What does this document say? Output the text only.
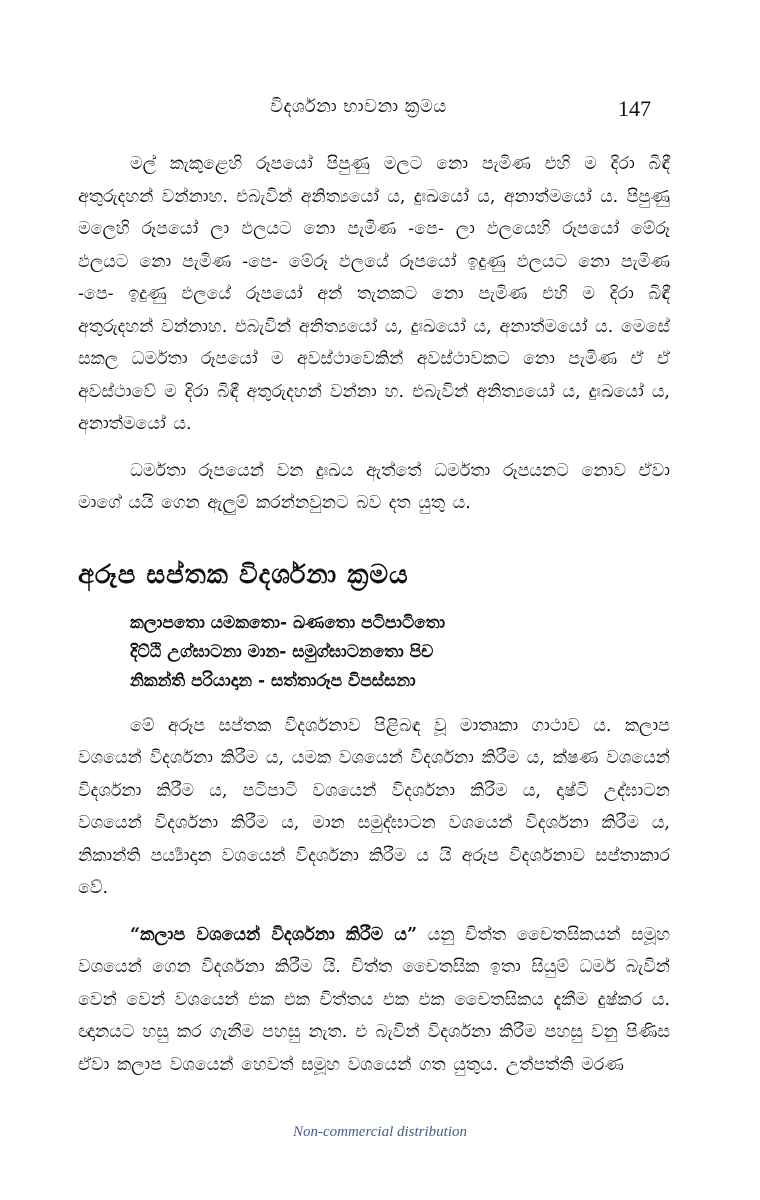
විදර්ශනා භාවනා ක්‍රමය	147

මල් කැකුළෙහි රූපයෝ පිපුණු මලට නො පැමිණ එහි ම දිරා බිඳී අතුරුදහන් වන්නාහ. එබැවින් අනිත්‍යයෝ ය, දුඃඛයෝ ය, අනාත්මයෝ ය. පිපුණු මලෙහි රූපයෝ ලා ඵලයට නො පැමිණ -පෙ- ලා ඵලයෙහි රූපයෝ මේරූ ඵලයට නො පැමිණ -පෙ- මේරූ ඵලයේ රූපයෝ ඉදුණු ඵලයට නො පැමිණ -පෙ- ඉදුණු ඵලයේ රූපයෝ අන් තැනකට නො පැමිණ එහි ම දිරා බිඳී අතුරුදහන් වන්නාහ. එබැවින් අනිත්‍යයෝ ය, දුඃඛයෝ ය, අනාත්මයෝ ය. මෙසේ සකල ධර්මතා රූපයෝ ම අවස්ථාවෙකින් අවස්ථාවකට නො පැමිණ ඒ ඒ අවස්ථාවේ ම දිරා බිඳී අතුරුදහන් වන්නා හ. එබැවින් අනිත්‍යයෝ ය, දුඃඛයෝ ය, අනාත්මයෝ ය.

ධර්මතා රූපයෙන් වන දුඃඛය ඇත්තේ ධර්මතා රූපයනට නොව ඒවා මාගේ යයි ගෙන ඇලුම් කරන්නවුනට බව දත යුතු ය.

අරූප සප්තක විදර්ශනා ක්‍රමය
කලාපතො යමකතො- ඛණතො පටිපාටිතො
දිට්ඨි උග්ඝාටනා මාන- සමුග්ඝාටනතො පිච
නිකන්ති පරියාදාන - සත්තාරූප විපස්සනා

මේ අරූප සප්තක විදර්ශනාව පිළිබඳ වූ මාතෘකා ගාථාව ය. කලාප වශයෙන් විදර්ශනා කිරීම ය, යමක වශයෙන් විදර්ශනා කිරීම ය, ක්ෂණ වශයෙන් විදර්ශනා කිරීම ය, පටිපාටි වශයෙන් විදර්ශනා කිරීම ය, දෘෂ්ටි උද්ඝාටන වශයෙන් විදර්ශනා කිරීම ය, මාන සමුද්ඝාටන වශයෙන් විදර්ශනා කිරීම ය, නිකාන්ති පර්‍ය්‍යාදාන වශයෙන් විදර්ශනා කිරීම ය යි අරූප විදර්ශනාව සප්තාකාර වේ.

“කලාප වශයෙන් විදර්ශනා කිරීම ය” යනු චිත්ත චෛතසිකයන් සමූහ වශයෙන් ගෙන විදර්ශනා කිරීම යි. චිත්ත චෛතසික ඉතා සියුම් ධර්ම බැවින් වෙන් වෙන් වශයෙන් එක එක චිත්තය එක එක චෛතසිකය දැකීම දුෂ්කර ය. ඥානයට හසු කර ගැනීම පහසු නැත. එ බැවින් විදර්ශනා කිරීම පහසු වනු පිණිස ඒවා කලාප වශයෙන් හෙවත් සමූහ වශයෙන් ගත යුතුය. උත්පත්ති මරණ

Non-commercial distribution
